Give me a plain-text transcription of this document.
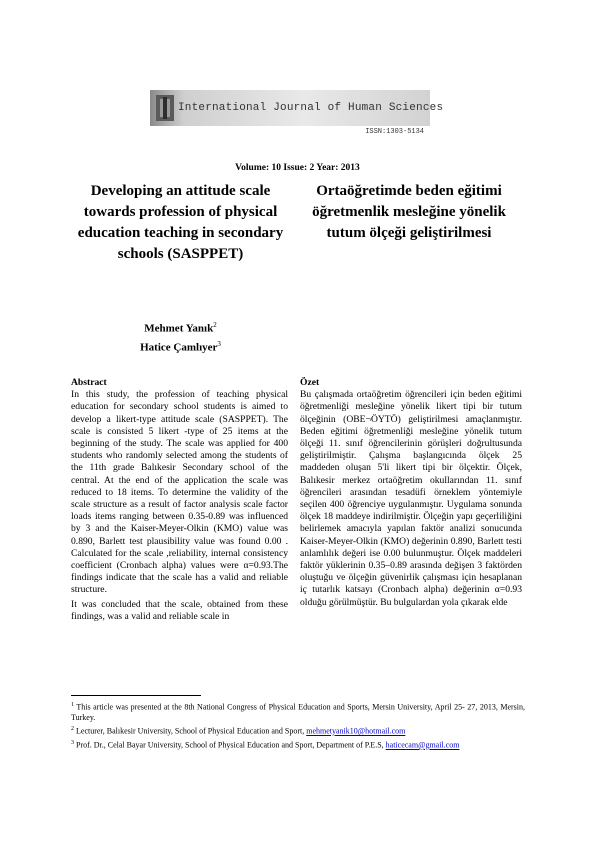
International Journal of Human Sciences
ISSN:1303-5134
Volume: 10 Issue: 2 Year: 2013
Developing an attitude scale towards profession of physical education teaching in secondary schools (SASPPET)
Ortaöğretimde beden eğitimi öğretmenlik mesleğine yönelik tutum ölçeği geliştirilmesi
Mehmet Yanık$^2$
Hatice Çamlıyer$^3$
Abstract

In this study, the profession of teaching physical education for secondary school students is aimed to develop a likert-type attitude scale (SASPPET). The scale is consisted 5 likert -type of 25 items at the beginning of the study. The scale was applied for 400 students who randomly selected among the students of the 11th grade Balıkesir Secondary school of the central. At the end of the application the scale was reduced to 18 items. To determine the validity of the scale structure as a result of factor analysis scale factor loads items ranging between 0.35-0.89 was influenced by 3 and the Kaiser-Meyer-Olkin (KMO) value was 0.890, Barlett test plausibility value was found 0.00 . Calculated for the scale ,reliability, internal consistency coefficient (Cronbach alpha) values were α=0.93.The findings indicate that the scale has a valid and reliable structure.

It was concluded that the scale, obtained from these findings, was a valid and reliable scale in

Özet

Bu çalışmada ortaöğretim öğrencileri için beden eğitimi öğretmenliği mesleğine yönelik likert tipi bir tutum ölçeğinin (OBE¬ÖYTÖ) geliştirilmesi amaçlanmıştır. Beden eğitimi öğretmenliği mesleğine yönelik tutum ölçeği 11. sınıf öğrencilerinin görüşleri doğrultusunda geliştirilmiştir. Çalışma başlangıcında ölçek 25 maddeden oluşan 5'li likert tipi bir ölçektir. Ölçek, Balıkesir merkez ortaöğretim okullarından 11. sınıf öğrencileri arasından tesadüfi örneklem yöntemiyle seçilen 400 öğrenciye uygulanmıştır. Uygulama sonunda ölçek 18 maddeye indirilmiştir. Ölçeğin yapı geçerliliğini belirlemek amacıyla yapılan faktör analizi sonucunda Kaiser-Meyer-Olkin (KMO) değerinin 0.890, Barlett testi anlamlılık değeri ise 0.00 bulunmuştur. Ölçek maddeleri faktör yüklerinin 0.35–0.89 arasında değişen 3 faktörden oluştuğu ve ölçeğin güvenirlik çalışması için hesaplanan iç tutarlık katsayı (Cronbach alpha) değerinin α=0.93 olduğu görülmüştür. Bu bulgulardan yola çıkarak elde

$^1$ This article was presented at the 8th National Congress of Physical Education and Sports, Mersin University, April 25- 27, 2013, Mersin, Turkey.

$^2$ Lecturer, Balıkesir University, School of Physical Education and Sport, mehmetyanik10@hotmail.com

$^3$ Prof. Dr., Celal Bayar University, School of Physical Education and Sport, Department of P.E.S, haticecam@gmail.com
